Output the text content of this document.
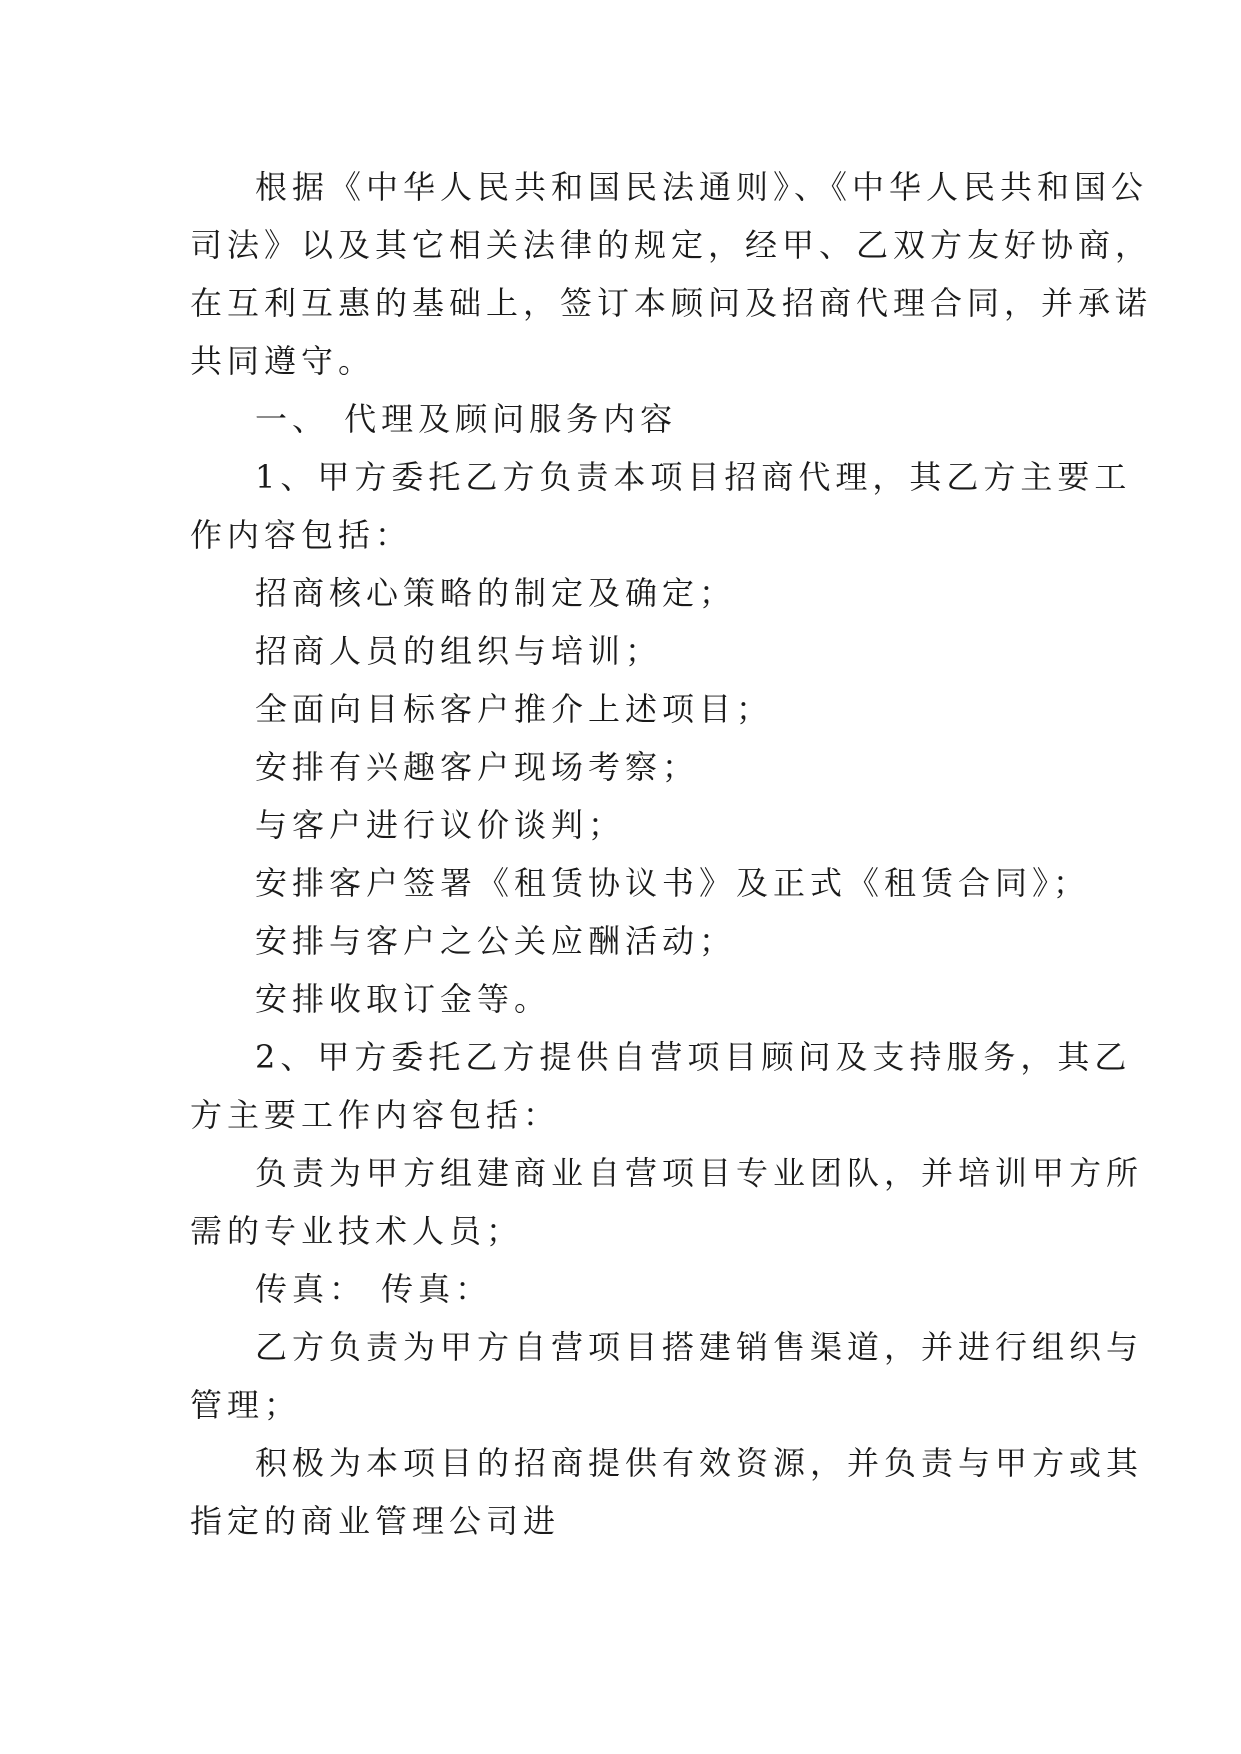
根据《中华人民共和国民法通则》、《中华人民共和国公
司法》以及其它相关法律的规定，经甲、乙双方友好协商，
在互利互惠的基础上，签订本顾问及招商代理合同，并承诺
共同遵守。
一、 代理及顾问服务内容
1、甲方委托乙方负责本项目招商代理，其乙方主要工
作内容包括：
招商核心策略的制定及确定；
招商人员的组织与培训；
全面向目标客户推介上述项目；
安排有兴趣客户现场考察；
与客户进行议价谈判；
安排客户签署《租赁协议书》及正式《租赁合同》；
安排与客户之公关应酬活动；
安排收取订金等。
2、甲方委托乙方提供自营项目顾问及支持服务，其乙
方主要工作内容包括：
负责为甲方组建商业自营项目专业团队，并培训甲方所
需的专业技术人员；
传真： 传真：
乙方负责为甲方自营项目搭建销售渠道，并进行组织与
管理；
积极为本项目的招商提供有效资源，并负责与甲方或其
指定的商业管理公司进
